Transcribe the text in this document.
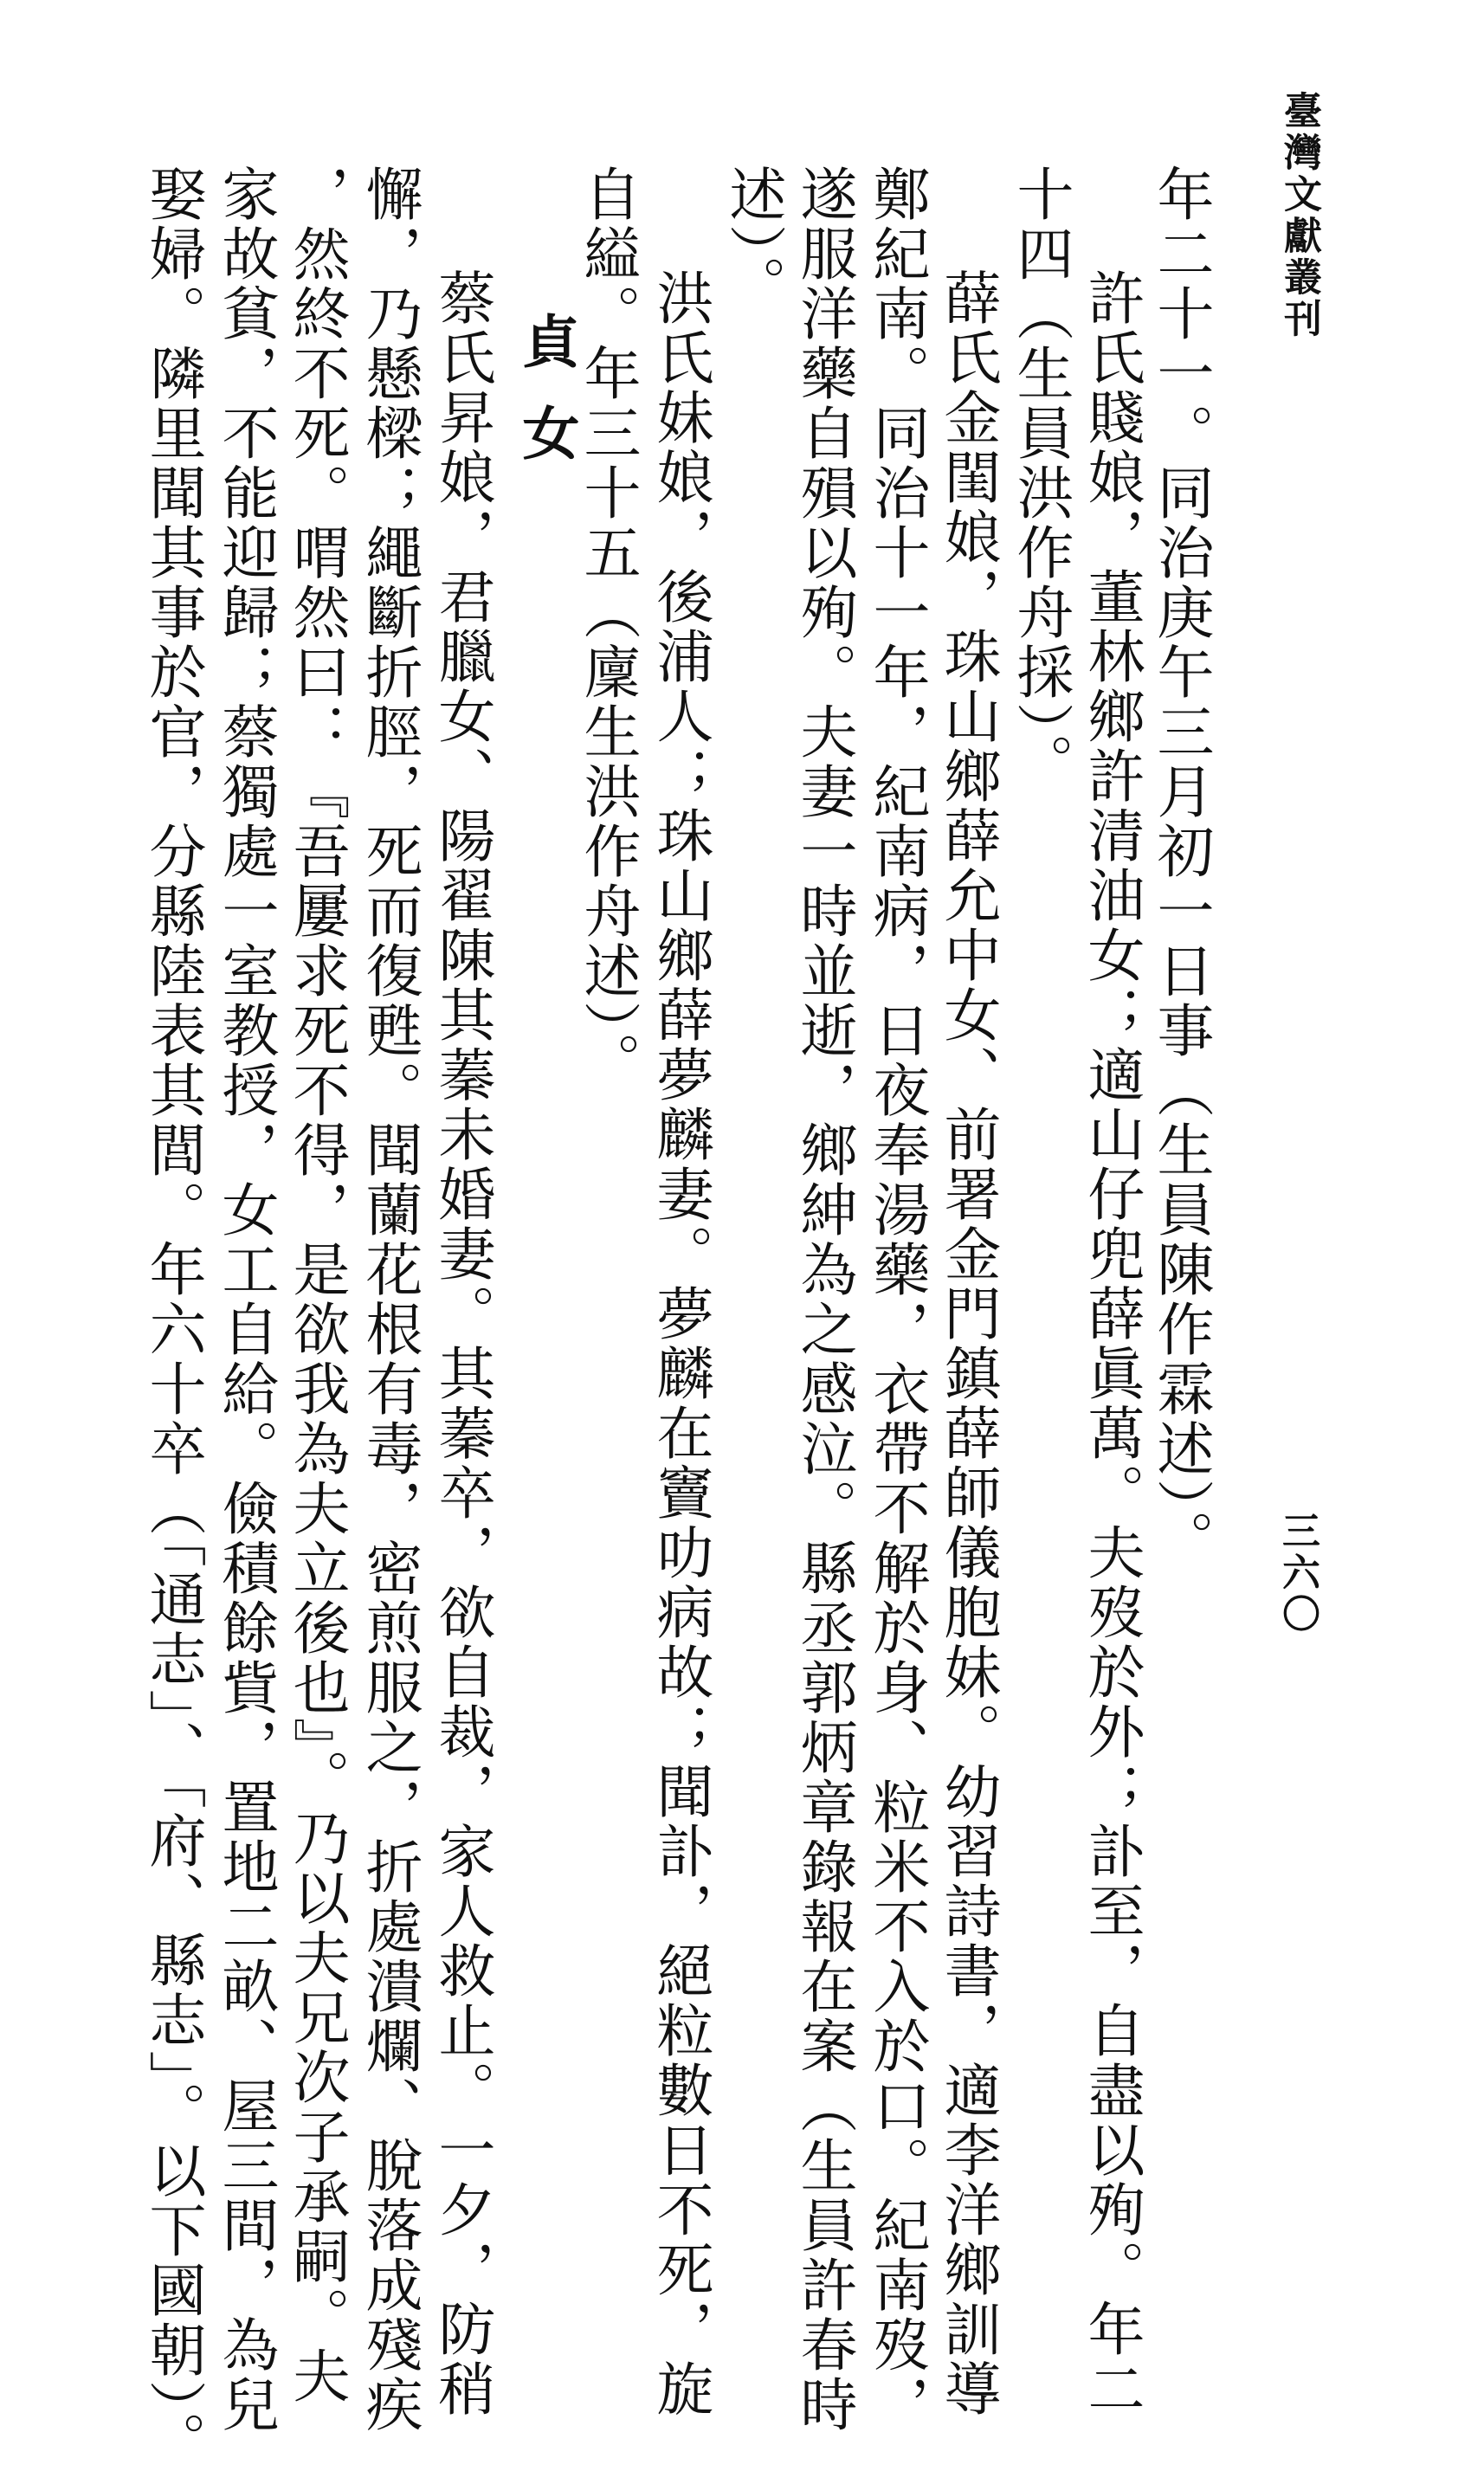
臺灣文獻叢刊
三六〇
年二十一。同治庚午三月初一日事（生員陳作霖述）。
許氏賤娘，董林鄉許清油女；適山仔兜薛眞萬。夫歿於外；訃至，自盡以殉。年二
十四（生員洪作舟採）。
薛氏金閨娘，珠山鄉薛允中女、前署金門鎮薛師儀胞妹。幼習詩書，適李洋鄉訓導
鄭紀南。同治十一年，紀南病，日夜奉湯藥，衣帶不解於身、粒米不入於口。紀南歿，
遂服洋藥自殞以殉。夫妻一時並逝，鄉紳為之感泣。縣丞郭炳章錄報在案（生員許春時
述）。
洪氏妹娘，後浦人；珠山鄉薛夢麟妻。夢麟在竇叻病故；聞訃，絕粒數日不死，旋
自縊。年三十五（廩生洪作舟述）。
貞女
蔡氏昇娘，君臘女、陽翟陳其蓁未婚妻。其蓁卒，欲自裁，家人救止。一夕，防稍
懈，乃懸樑；繩斷折脛，死而復甦。聞蘭花根有毒，密煎服之，折處潰爛、脫落成殘疾
，然終不死。喟然曰：『吾屢求死不得，是欲我為夫立後也』。乃以夫兄次子承嗣。夫
家故貧，不能迎歸；蔡獨處一室教授，女工自給。儉積餘貲，置地二畝、屋三間，為兒
娶婦。隣里聞其事於官，分縣陸表其閭。年六十卒（「通志」、「府、縣志」。以下國朝）。
